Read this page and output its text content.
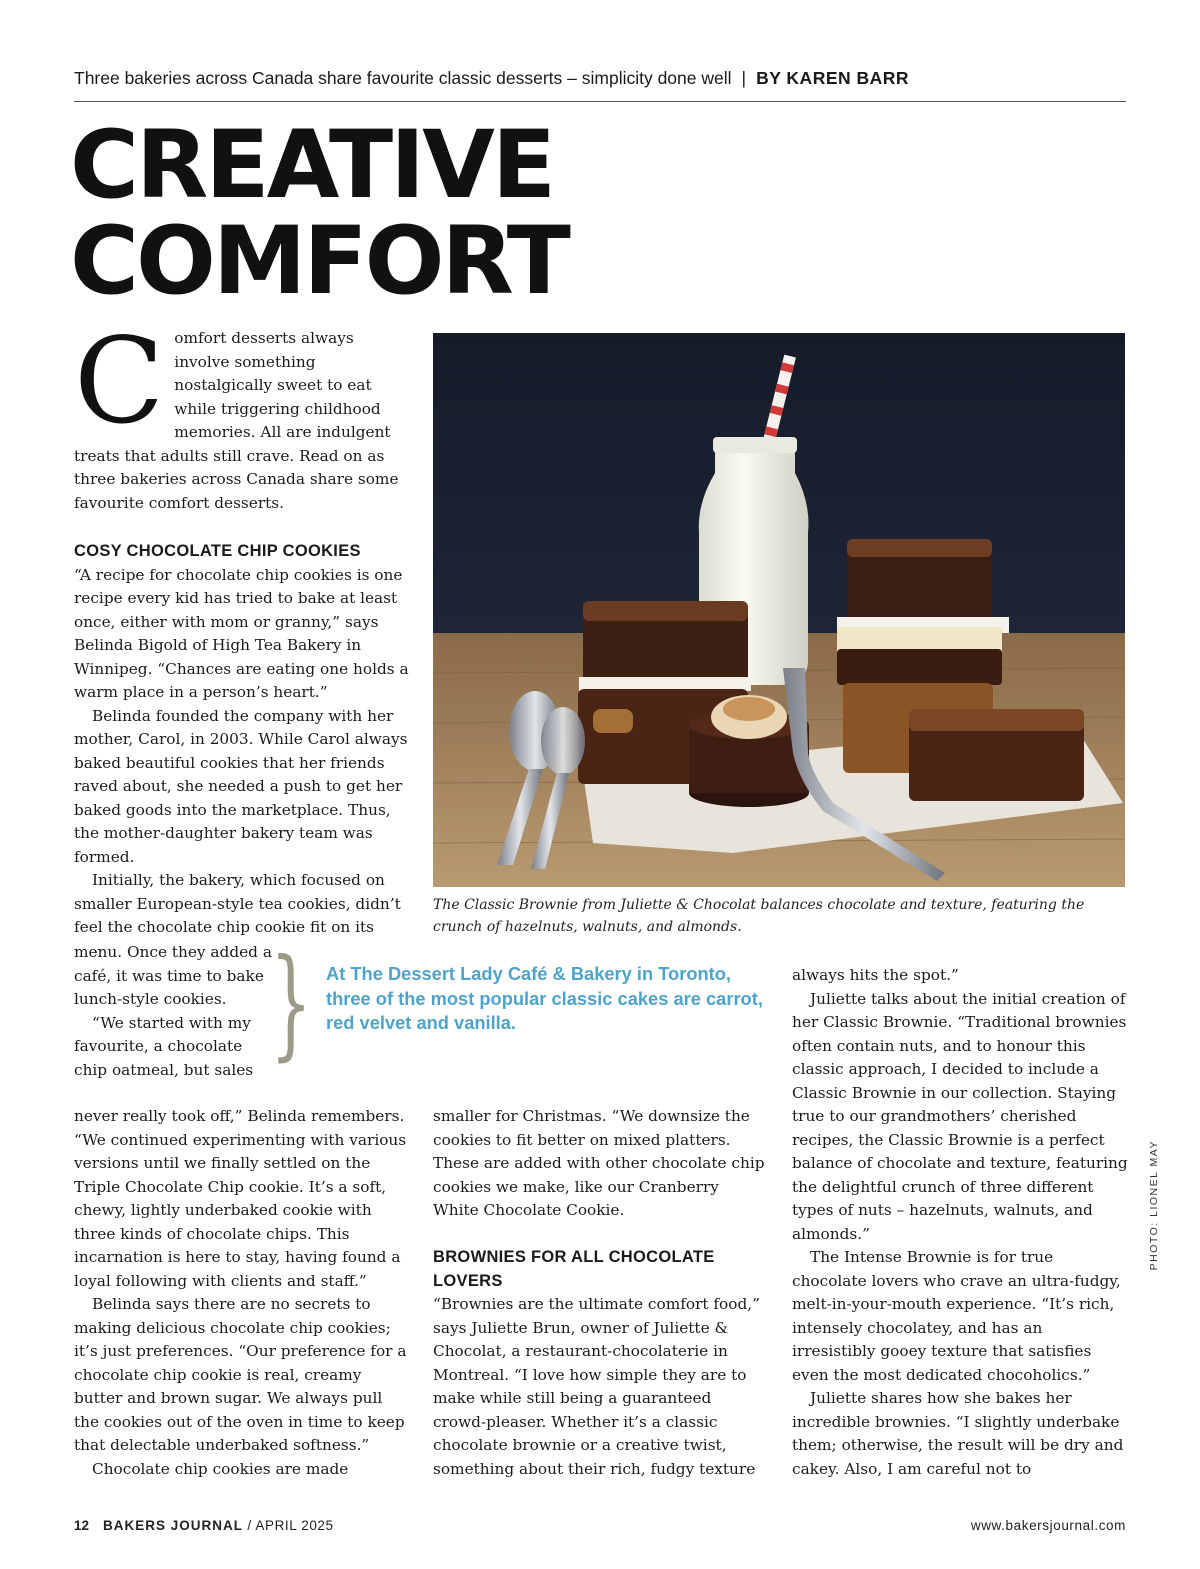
Three bakeries across Canada share favourite classic desserts – simplicity done well | BY KAREN BARR
CREATIVE
COMFORT
Comfort desserts always involve something nostalgically sweet to eat while triggering childhood memories. All are indulgent treats that adults still crave. Read on as three bakeries across Canada share some favourite comfort desserts.
COSY CHOCOLATE CHIP COOKIES

“A recipe for chocolate chip cookies is one recipe every kid has tried to bake at least once, either with mom or granny,” says Belinda Bigold of High Tea Bakery in Winnipeg. “Chances are eating one holds a warm place in a person’s heart.”

Belinda founded the company with her mother, Carol, in 2003. While Carol always baked beautiful cookies that her friends raved about, she needed a push to get her baked goods into the marketplace. Thus, the mother-daughter bakery team was formed.

Initially, the bakery, which focused on smaller European-style tea cookies, didn’t feel the chocolate chip cookie fit on its

menu. Once they added a café, it was time to bake lunch-style cookies.

“We started with my favourite, a chocolate chip oatmeal, but sales

never really took off,” Belinda remembers. “We continued experimenting with various versions until we finally settled on the Triple Chocolate Chip cookie. It’s a soft, chewy, lightly underbaked cookie with three kinds of chocolate chips. This incarnation is here to stay, having found a loyal following with clients and staff.”

Belinda says there are no secrets to making delicious chocolate chip cookies; it’s just preferences. “Our preference for a chocolate chip cookie is real, creamy butter and brown sugar. We always pull the cookies out of the oven in time to keep that delectable underbaked softness.”

Chocolate chip cookies are made

The Classic Brownie from Juliette & Chocolat balances chocolate and texture, featuring the crunch of hazelnuts, walnuts, and almonds.
} At The Dessert Lady Café & Bakery in Toronto, three of the most popular classic cakes are carrot, red velvet and vanilla.

smaller for Christmas. “We downsize the cookies to fit better on mixed platters. These are added with other chocolate chip cookies we make, like our Cranberry White Chocolate Cookie.

BROWNIES FOR ALL CHOCOLATE LOVERS

“Brownies are the ultimate comfort food,” says Juliette Brun, owner of Juliette & Chocolat, a restaurant-chocolaterie in Montreal. “I love how simple they are to make while still being a guaranteed crowd-pleaser. Whether it’s a classic chocolate brownie or a creative twist, something about their rich, fudgy texture

always hits the spot.”

Juliette talks about the initial creation of her Classic Brownie. “Traditional brownies often contain nuts, and to honour this classic approach, I decided to include a Classic Brownie in our collection. Staying true to our grandmothers’ cherished recipes, the Classic Brownie is a perfect balance of chocolate and texture, featuring the delightful crunch of three different types of nuts – hazelnuts, walnuts, and almonds.”

The Intense Brownie is for true chocolate lovers who crave an ultra-fudgy, melt-in-your-mouth experience. “It’s rich, intensely chocolatey, and has an irresistibly gooey texture that satisfies even the most dedicated chocoholics.”

Juliette shares how she bakes her incredible brownies. “I slightly underbake them; otherwise, the result will be dry and cakey. Also, I am careful not to

PHOTO: LIONEL MAY
12 BAKERS JOURNAL / APRIL 2025	www.bakersjournal.com
